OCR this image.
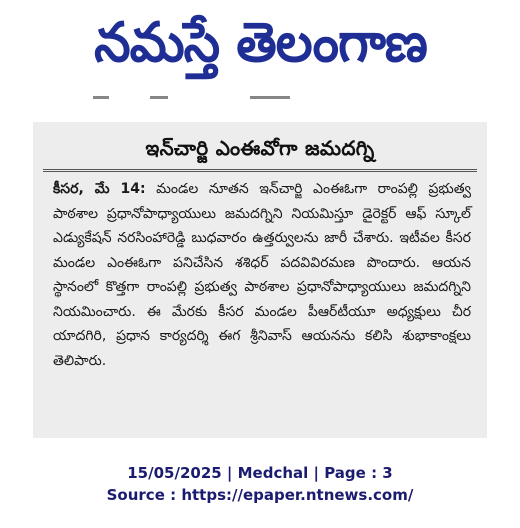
నమస్తే తెలంగాణ
ఇన్‌చార్జి ఎంఈవోగా జమదగ్ని
కీసర, మే 14: మండల నూతన ఇన్‌చార్జి ఎంఈఓగా రాంపల్లి ప్రభుత్వ పాఠశాల ప్రధానోపాధ్యాయులు జమదగ్నిని నియమిస్తూ డైరెక్టర్ ఆఫ్ స్కూల్ ఎడ్యుకేషన్ నరసింహారెడ్డి బుధవారం ఉత్తర్వులను జారీ చేశారు. ఇటీవల కీసర మండల ఎంఈఓగా పనిచేసిన శశిధర్ పదవివిరమణ పొందారు. ఆయన స్థానంలో కొత్తగా రాంపల్లి ప్రభుత్వ పాఠశాల ప్రధానోపాధ్యాయులు జమదగ్నిని నియమించారు. ఈ మేరకు కీసర మండల పీఆర్‌టీయూ అధ్యక్షులు చీర యాదగిరి, ప్రధాన కార్యదర్శి ఈగ శ్రీనివాస్ ఆయనను కలిసి శుభాకాంక్షలు తెలిపారు.
15/05/2025 | Medchal | Page : 3
Source : https://epaper.ntnews.com/
